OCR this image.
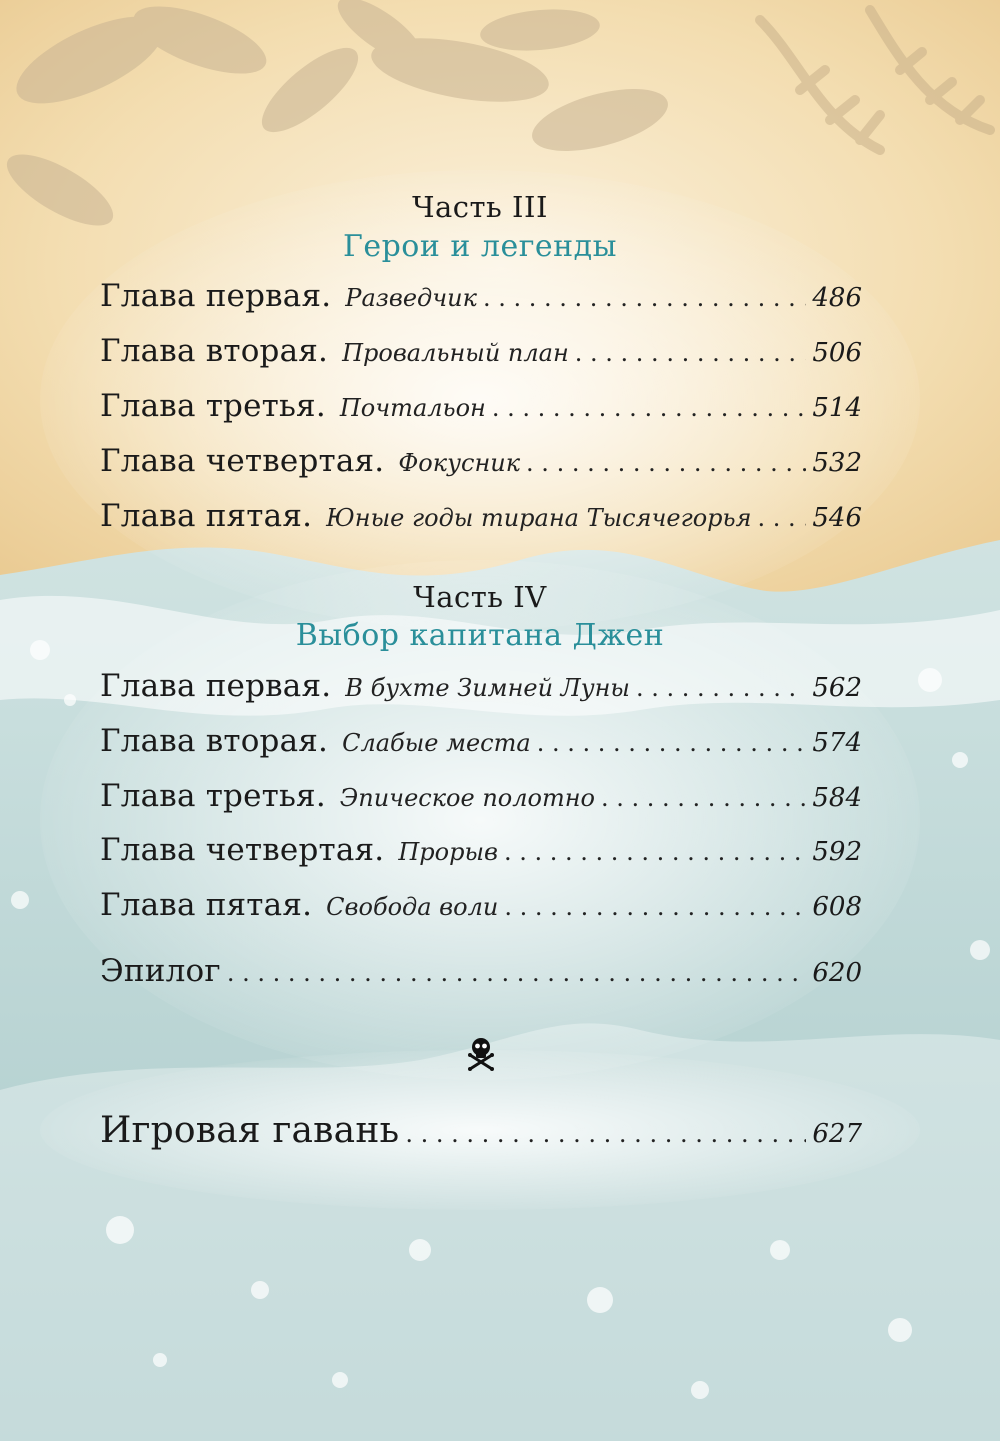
Часть III
Герои и легенды
Глава первая. Разведчик . . .	486
Глава вторая. Провальный план . . .	506
Глава третья. Почтальон . . .	514
Глава четвертая. Фокусник . . .	532
Глава пятая. Юные годы тирана Тысячегорья . . . 546
Часть IV
Выбор капитана Джен
Глава первая. В бухте Зимней Луны . . .	562
Глава вторая. Слабые места . . .	574
Глава третья. Эпическое полотно . . .	584
Глава четвертая. Прорыв . . .	592
Глава пятая. Свобода воли . . .	608
Эпилог . . .	620
Игровая гавань . . .	627
